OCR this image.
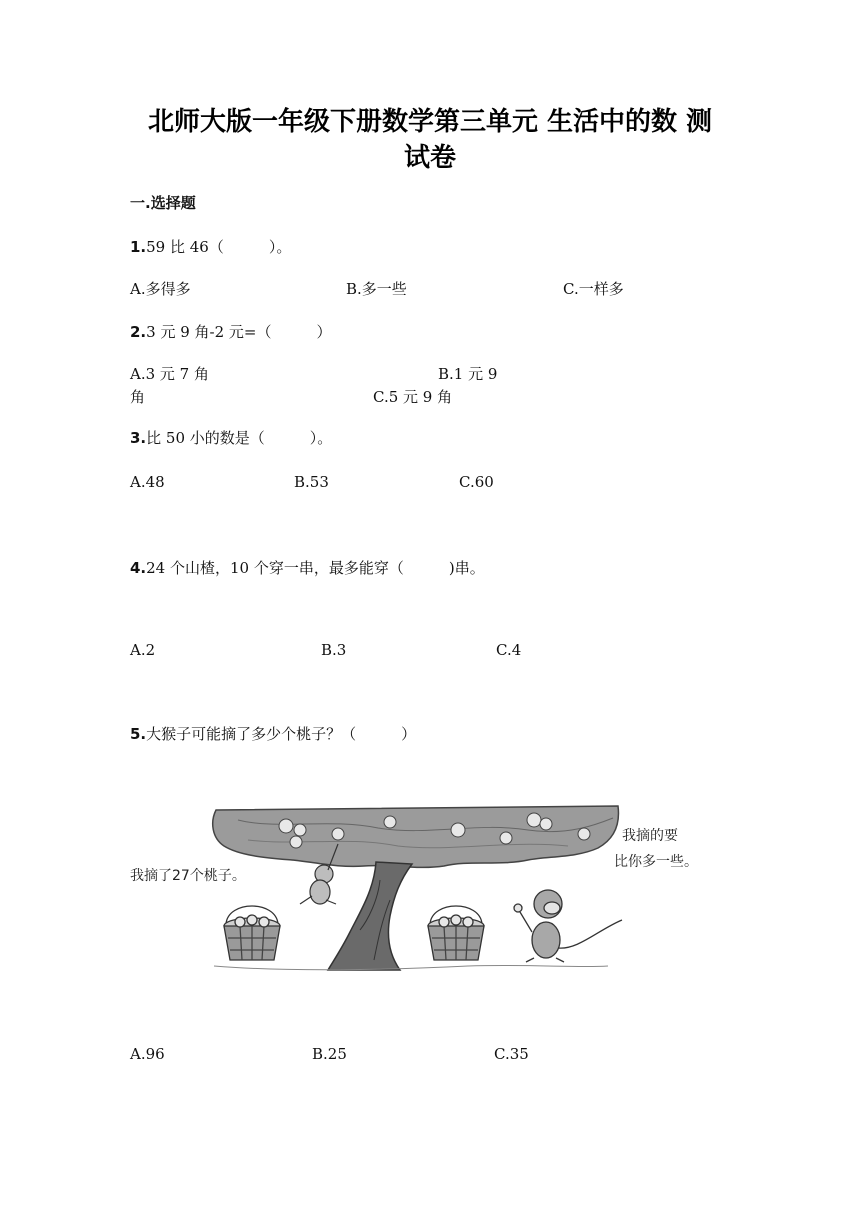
北师大版一年级下册数学第三单元 生活中的数 测
试卷
一.选择题
1.59 比 46（　　　）。
A.多得多	B.多一些	C.一样多
2.3 元 9 角-2 元=（　　　）
A.3 元 7 角	B.1 元 9
角	C.5 元 9 角
3.比 50 小的数是（　　　）。
A.48	B.53	C.60
4.24 个山楂，10 个穿一串，最多能穿（　　　)串。
A.2	B.3	C.4
5.大猴子可能摘了多少个桃子？（　　　）
我摘了27个桃子。
我摘的要
比你多一些。
A.96	B.25	C.35
